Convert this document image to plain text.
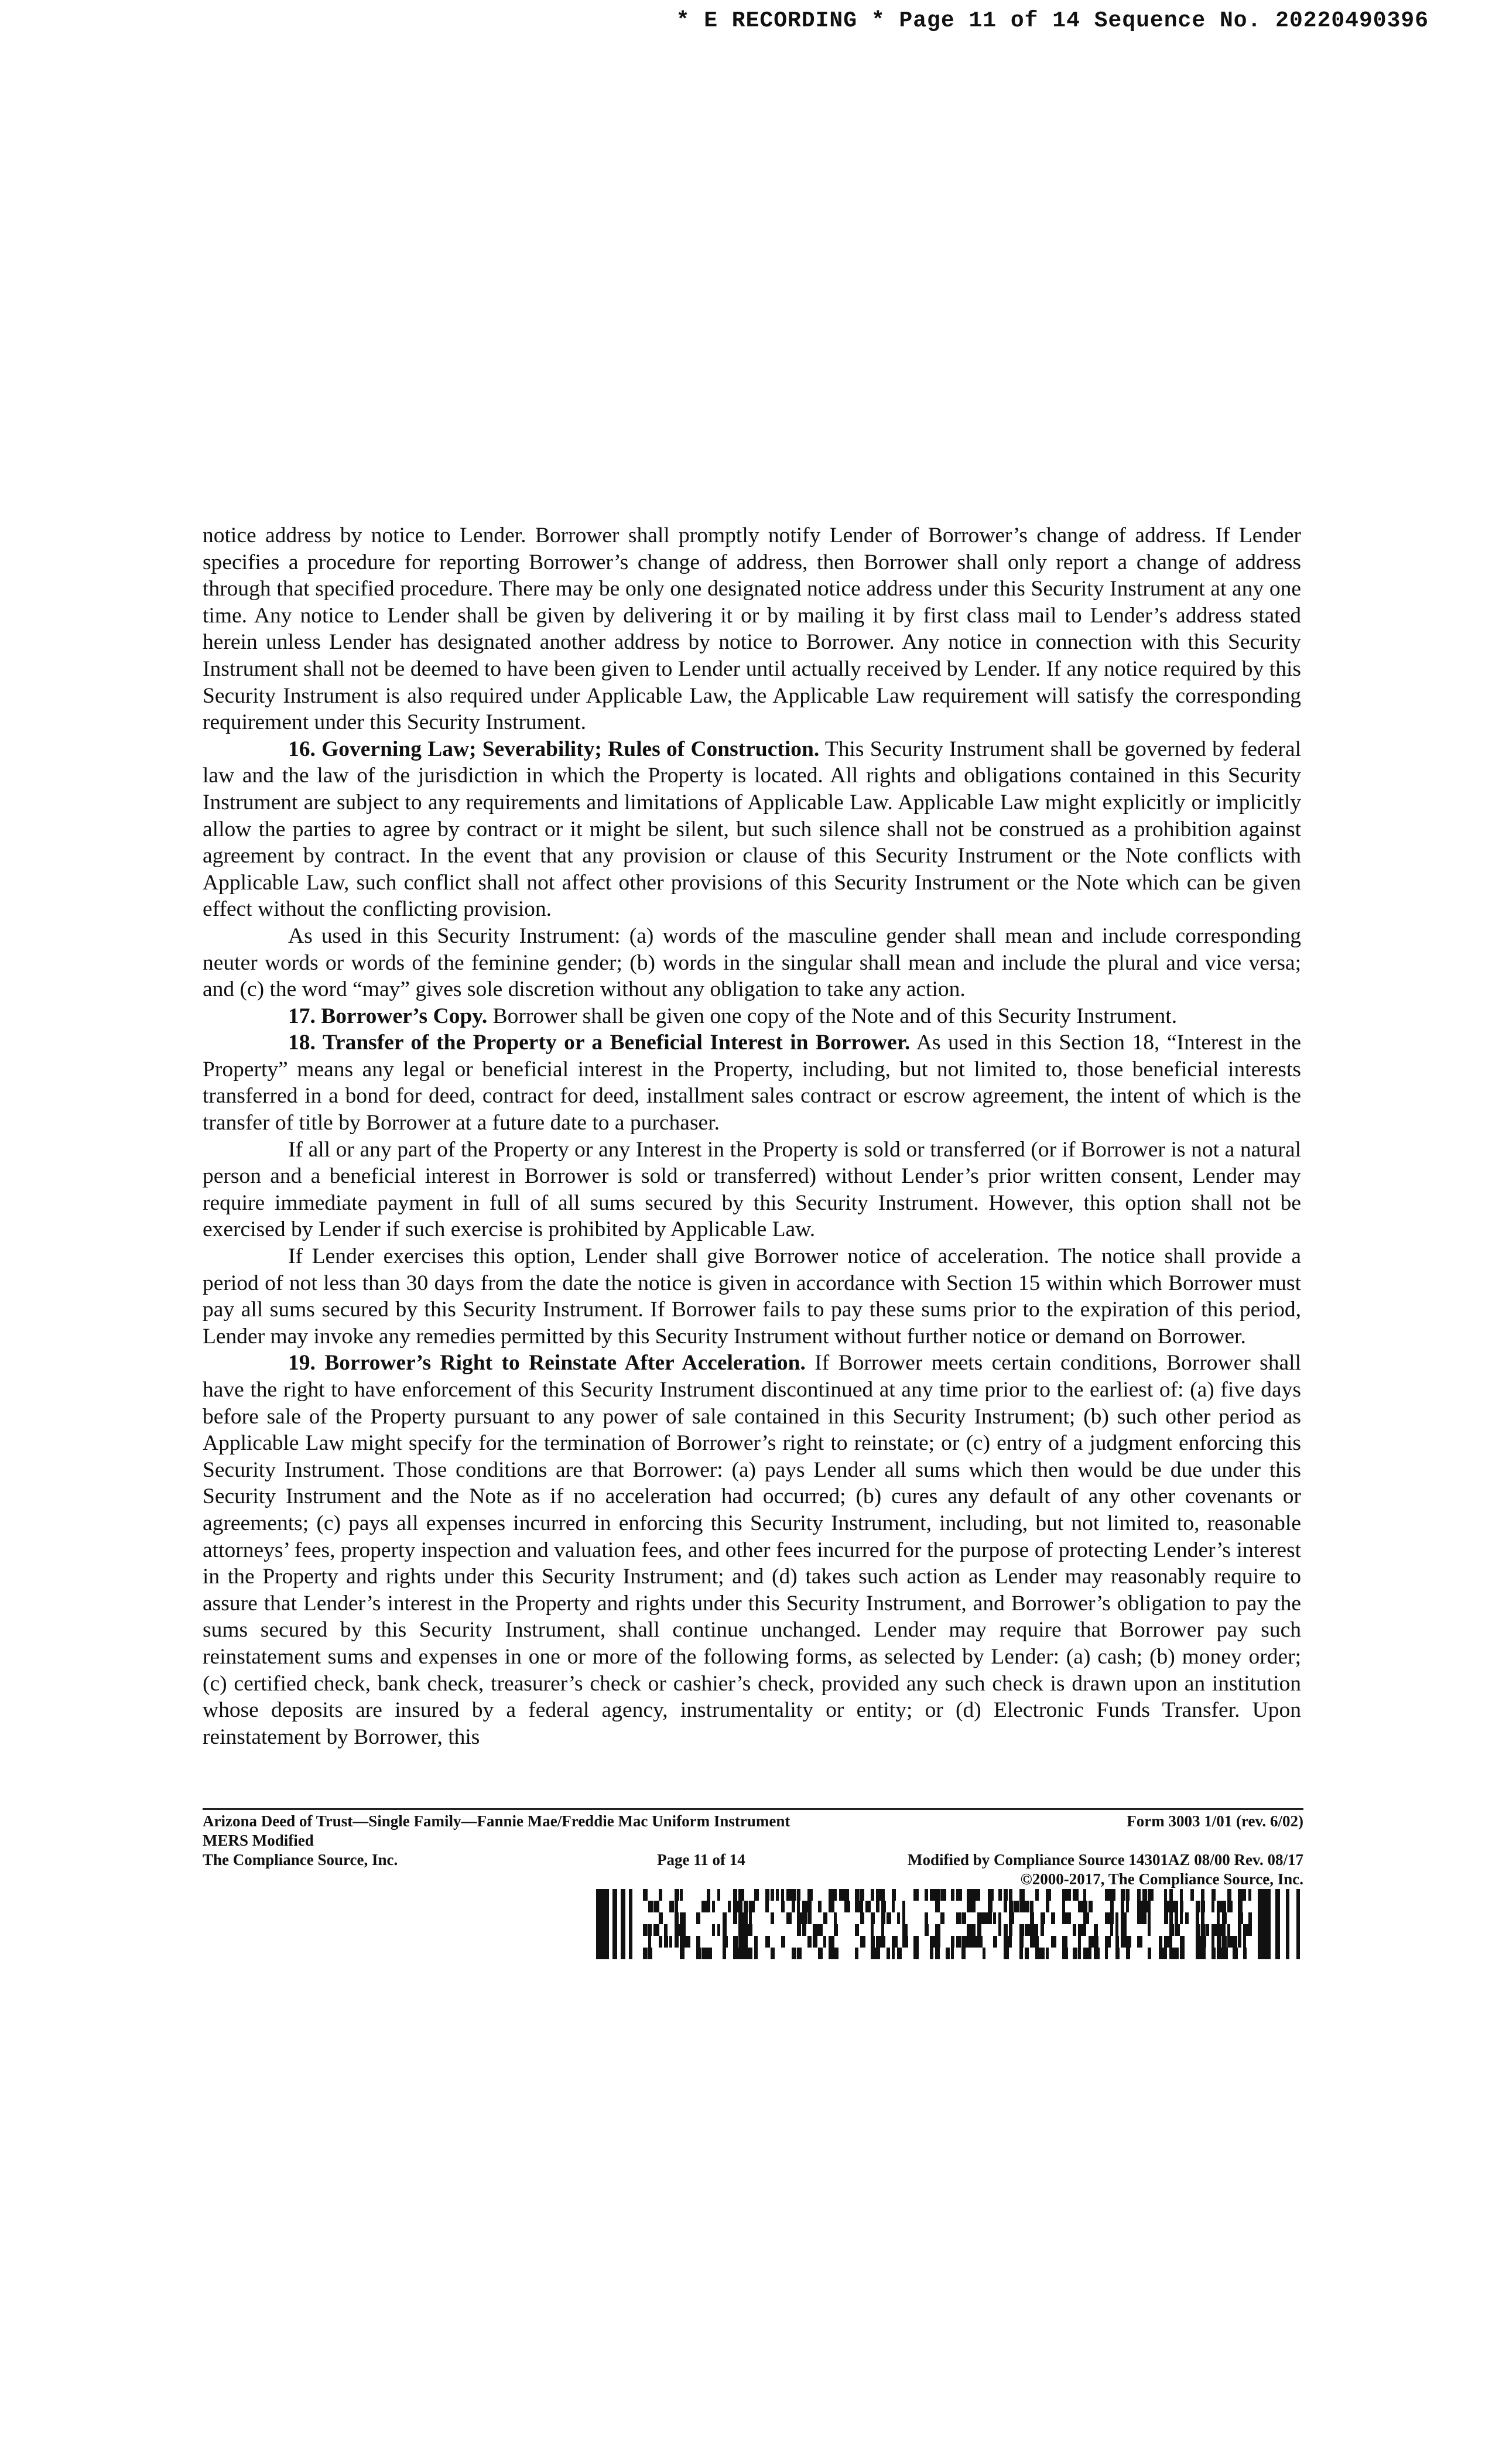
* E RECORDING * Page 11 of 14 Sequence No. 20220490396

notice address by notice to Lender. Borrower shall promptly notify Lender of Borrower’s change of address. If Lender specifies a procedure for reporting Borrower’s change of address, then Borrower shall only report a change of address through that specified procedure. There may be only one designated notice address under this Security Instrument at any one time. Any notice to Lender shall be given by delivering it or by mailing it by first class mail to Lender’s address stated herein unless Lender has designated another address by notice to Borrower. Any notice in connection with this Security Instrument shall not be deemed to have been given to Lender until actually received by Lender. If any notice required by this Security Instrument is also required under Applicable Law, the Applicable Law requirement will satisfy the corresponding requirement under this Security Instrument.

16. Governing Law; Severability; Rules of Construction. This Security Instrument shall be governed by federal law and the law of the jurisdiction in which the Property is located. All rights and obligations contained in this Security Instrument are subject to any requirements and limitations of Applicable Law. Applicable Law might explicitly or implicitly allow the parties to agree by contract or it might be silent, but such silence shall not be construed as a prohibition against agreement by contract. In the event that any provision or clause of this Security Instrument or the Note conflicts with Applicable Law, such conflict shall not affect other provisions of this Security Instrument or the Note which can be given effect without the conflicting provision.

As used in this Security Instrument: (a) words of the masculine gender shall mean and include corresponding neuter words or words of the feminine gender; (b) words in the singular shall mean and include the plural and vice versa; and (c) the word “may” gives sole discretion without any obligation to take any action.

17. Borrower’s Copy. Borrower shall be given one copy of the Note and of this Security Instrument.

18. Transfer of the Property or a Beneficial Interest in Borrower. As used in this Section 18, “Interest in the Property” means any legal or beneficial interest in the Property, including, but not limited to, those beneficial interests transferred in a bond for deed, contract for deed, installment sales contract or escrow agreement, the intent of which is the transfer of title by Borrower at a future date to a purchaser.

If all or any part of the Property or any Interest in the Property is sold or transferred (or if Borrower is not a natural person and a beneficial interest in Borrower is sold or transferred) without Lender’s prior written consent, Lender may require immediate payment in full of all sums secured by this Security Instrument. However, this option shall not be exercised by Lender if such exercise is prohibited by Applicable Law.

If Lender exercises this option, Lender shall give Borrower notice of acceleration. The notice shall provide a period of not less than 30 days from the date the notice is given in accordance with Section 15 within which Borrower must pay all sums secured by this Security Instrument. If Borrower fails to pay these sums prior to the expiration of this period, Lender may invoke any remedies permitted by this Security Instrument without further notice or demand on Borrower.

19. Borrower’s Right to Reinstate After Acceleration. If Borrower meets certain conditions, Borrower shall have the right to have enforcement of this Security Instrument discontinued at any time prior to the earliest of: (a) five days before sale of the Property pursuant to any power of sale contained in this Security Instrument; (b) such other period as Applicable Law might specify for the termination of Borrower’s right to reinstate; or (c) entry of a judgment enforcing this Security Instrument. Those conditions are that Borrower: (a) pays Lender all sums which then would be due under this Security Instrument and the Note as if no acceleration had occurred; (b) cures any default of any other covenants or agreements; (c) pays all expenses incurred in enforcing this Security Instrument, including, but not limited to, reasonable attorneys’ fees, property inspection and valuation fees, and other fees incurred for the purpose of protecting Lender’s interest in the Property and rights under this Security Instrument; and (d) takes such action as Lender may reasonably require to assure that Lender’s interest in the Property and rights under this Security Instrument, and Borrower’s obligation to pay the sums secured by this Security Instrument, shall continue unchanged. Lender may require that Borrower pay such reinstatement sums and expenses in one or more of the following forms, as selected by Lender: (a) cash; (b) money order; (c) certified check, bank check, treasurer’s check or cashier’s check, provided any such check is drawn upon an institution whose deposits are insured by a federal agency, instrumentality or entity; or (d) Electronic Funds Transfer. Upon reinstatement by Borrower, this

Arizona Deed of Trust—Single Family—Fannie Mae/Freddie Mac Uniform Instrument	Form 3003 1/01 (rev. 6/02)
MERS Modified
The Compliance Source, Inc.	Page 11 of 14	Modified by Compliance Source 14301AZ 08/00 Rev. 08/17
©2000-2017, The Compliance Source, Inc.
